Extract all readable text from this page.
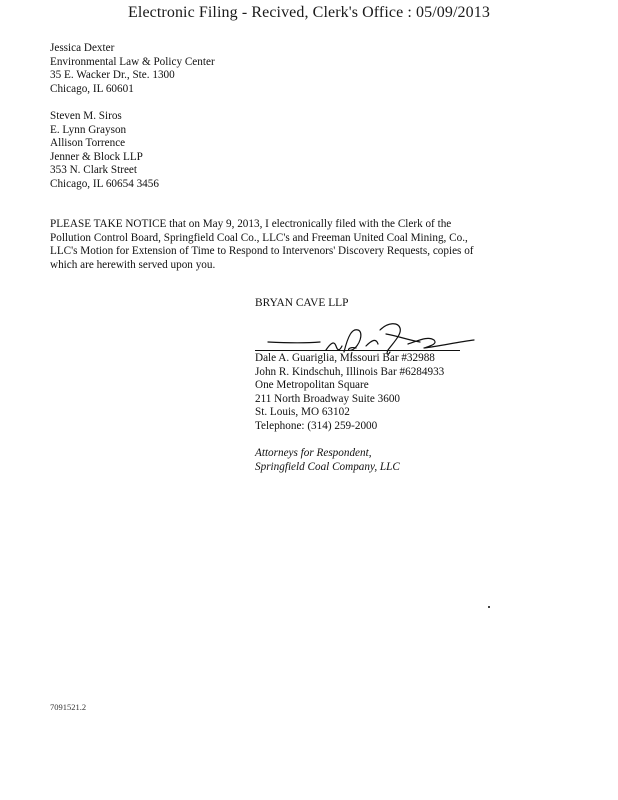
Electronic Filing - Recived, Clerk's Office : 05/09/2013
Jessica Dexter
Environmental Law & Policy Center
35 E. Wacker Dr., Ste. 1300
Chicago, IL 60601
Steven M. Siros
E. Lynn Grayson
Allison Torrence
Jenner & Block LLP
353 N. Clark Street
Chicago, IL 60654 3456
PLEASE TAKE NOTICE that on May 9, 2013, I electronically filed with the Clerk of the
Pollution Control Board, Springfield Coal Co., LLC's and Freeman United Coal Mining, Co.,
LLC's Motion for Extension of Time to Respond to Intervenors' Discovery Requests, copies of
which are herewith served upon you.
BRYAN CAVE LLP
Dale A. Guariglia, Missouri Bar #32988
John R. Kindschuh, Illinois Bar #6284933
One Metropolitan Square
211 North Broadway Suite 3600
St. Louis, MO 63102
Telephone: (314) 259-2000
Attorneys for Respondent,
Springfield Coal Company, LLC
7091521.2
